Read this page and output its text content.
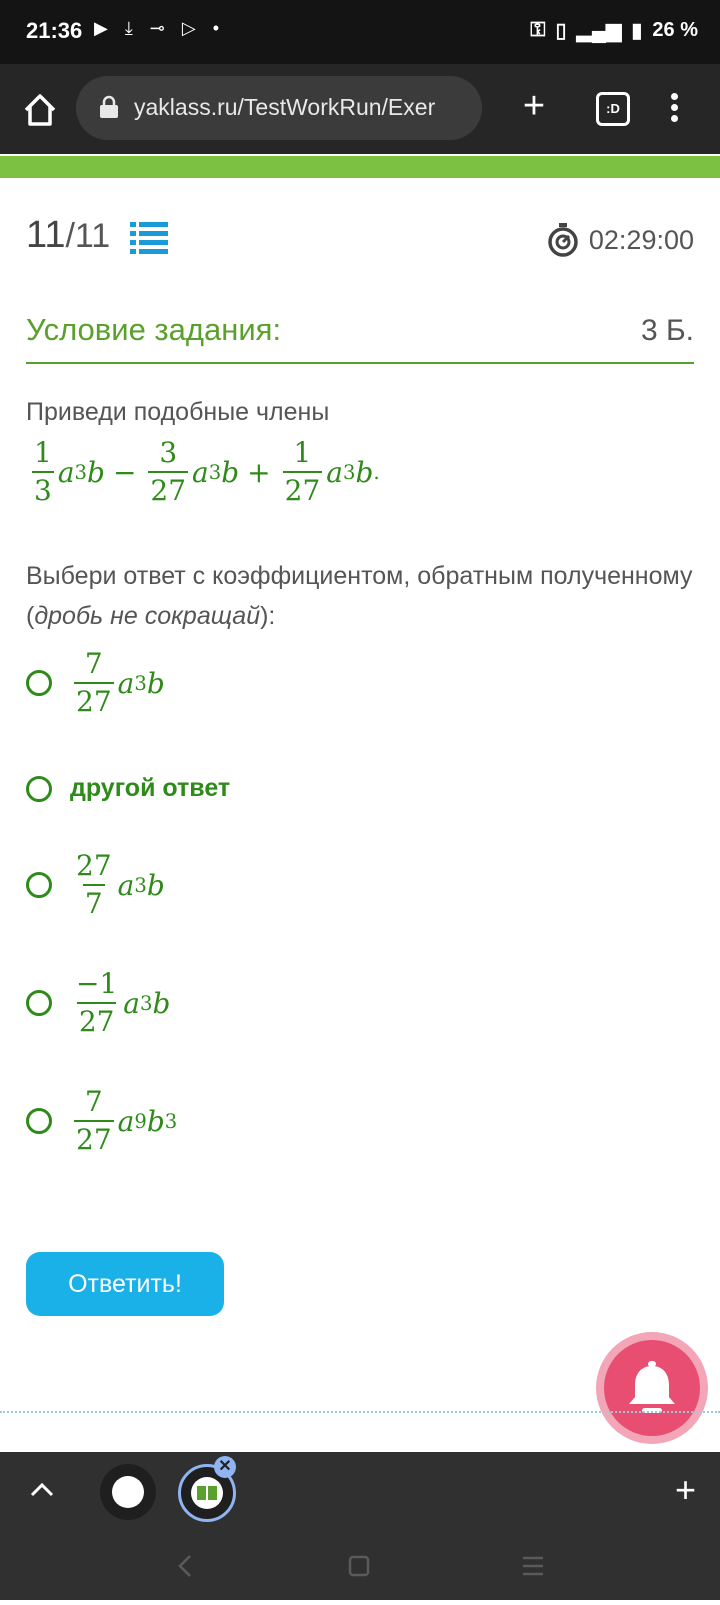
21:36 ▶ ⤓ ⊸ ▷ •	⚿ ▯ ▂▄▆ ▮ 26 %
yaklass.ru/TestWorkRun/Exer +	:D
11/11	02:29:00
Условие задания:	3 Б.
Приведи подобные члены
$\frac{1}{3}$ a 3 $b - \frac{3}{27}$ a 3 $b + \frac{1}{27}$ a 3 b .
Выбери ответ с коэффициентом, обратным полученному (дробь не сокращай):
$\frac{7}{27}$ a 3 b
другой ответ
$\frac{27}{7}$ a 3 b
$\frac{-1}{27}$ a 3 b
$\frac{7}{27}$ a 9 b 3
Ответить!
✕
+
